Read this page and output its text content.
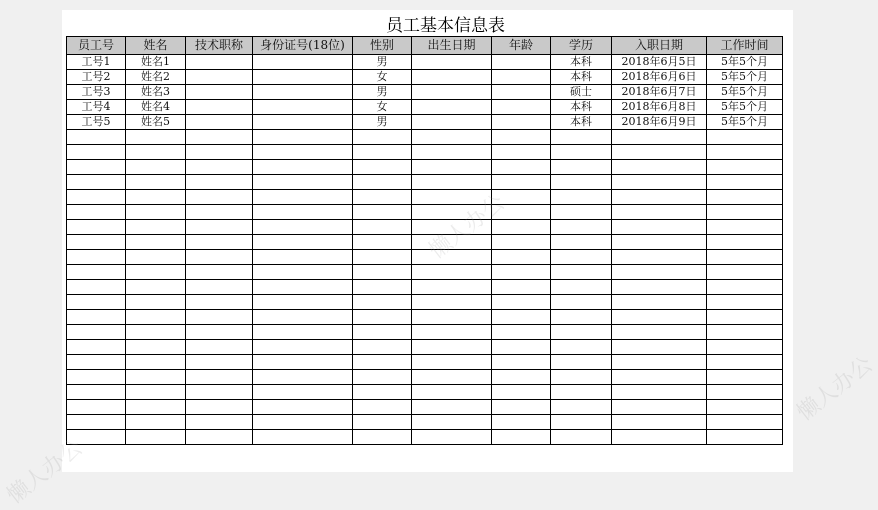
员工基本信息表
员工号	姓名	技术职称	身份证号(18位)	性别	出生日期	年龄	学历	入职日期	工作时间
工号1	姓名1			男			本科	2018年6月5日	5年5个月
工号2	姓名2			女			本科	2018年6月6日	5年5个月
工号3	姓名3			男			硕士	2018年6月7日	5年5个月
工号4	姓名4			女			本科	2018年6月8日	5年5个月
工号5	姓名5			男			本科	2018年6月9日	5年5个月

懒人办公
懒人办公
懒人办公
